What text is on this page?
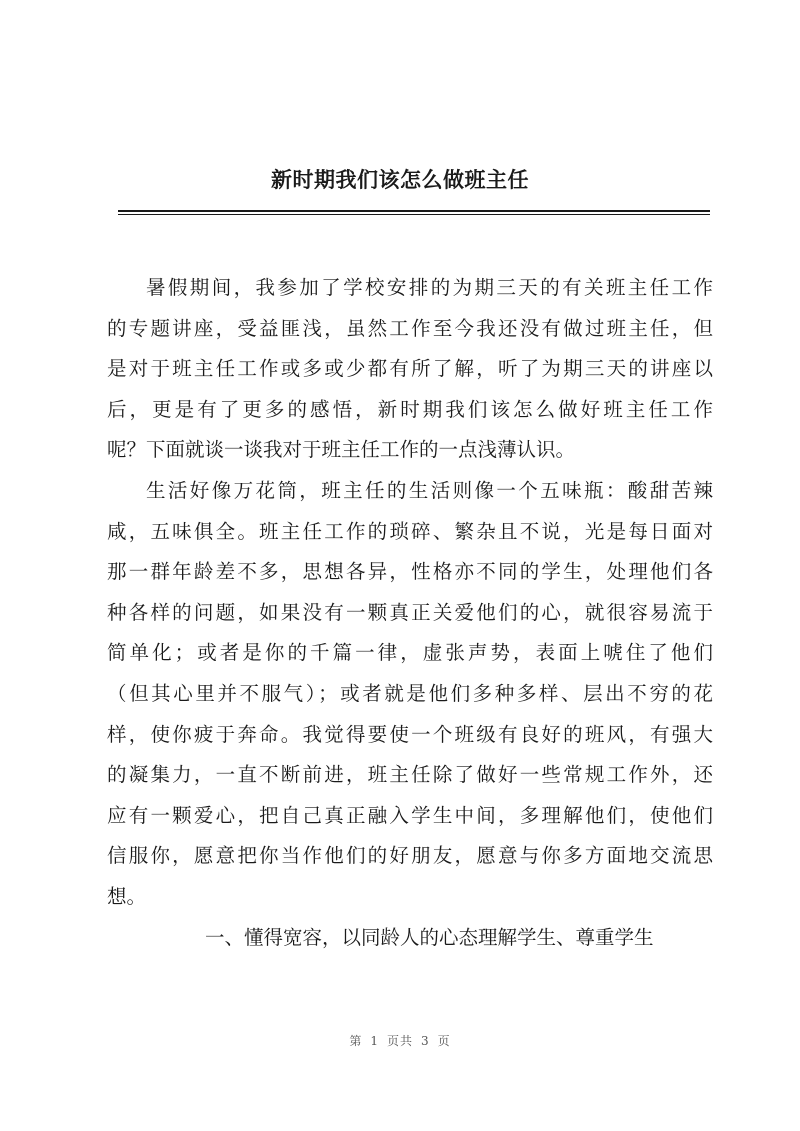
新时期我们该怎么做班主任
暑假期间，我参加了学校安排的为期三天的有关班主任工作
的专题讲座，受益匪浅，虽然工作至今我还没有做过班主任，但
是对于班主任工作或多或少都有所了解，听了为期三天的讲座以
后，更是有了更多的感悟，新时期我们该怎么做好班主任工作
呢？下面就谈一谈我对于班主任工作的一点浅薄认识。
生活好像万花筒，班主任的生活则像一个五味瓶：酸甜苦辣
咸，五味俱全。班主任工作的琐碎、繁杂且不说，光是每日面对
那一群年龄差不多，思想各异，性格亦不同的学生，处理他们各
种各样的问题，如果没有一颗真正关爱他们的心，就很容易流于
简单化；或者是你的千篇一律，虚张声势，表面上唬住了他们
（但其心里并不服气）；或者就是他们多种多样、层出不穷的花
样，使你疲于奔命。我觉得要使一个班级有良好的班风，有强大
的凝集力，一直不断前进，班主任除了做好一些常规工作外，还
应有一颗爱心，把自己真正融入学生中间，多理解他们，使他们
信服你，愿意把你当作他们的好朋友，愿意与你多方面地交流思
想。
一、懂得宽容，以同龄人的心态理解学生、尊重学生
第 1 页共 3 页
